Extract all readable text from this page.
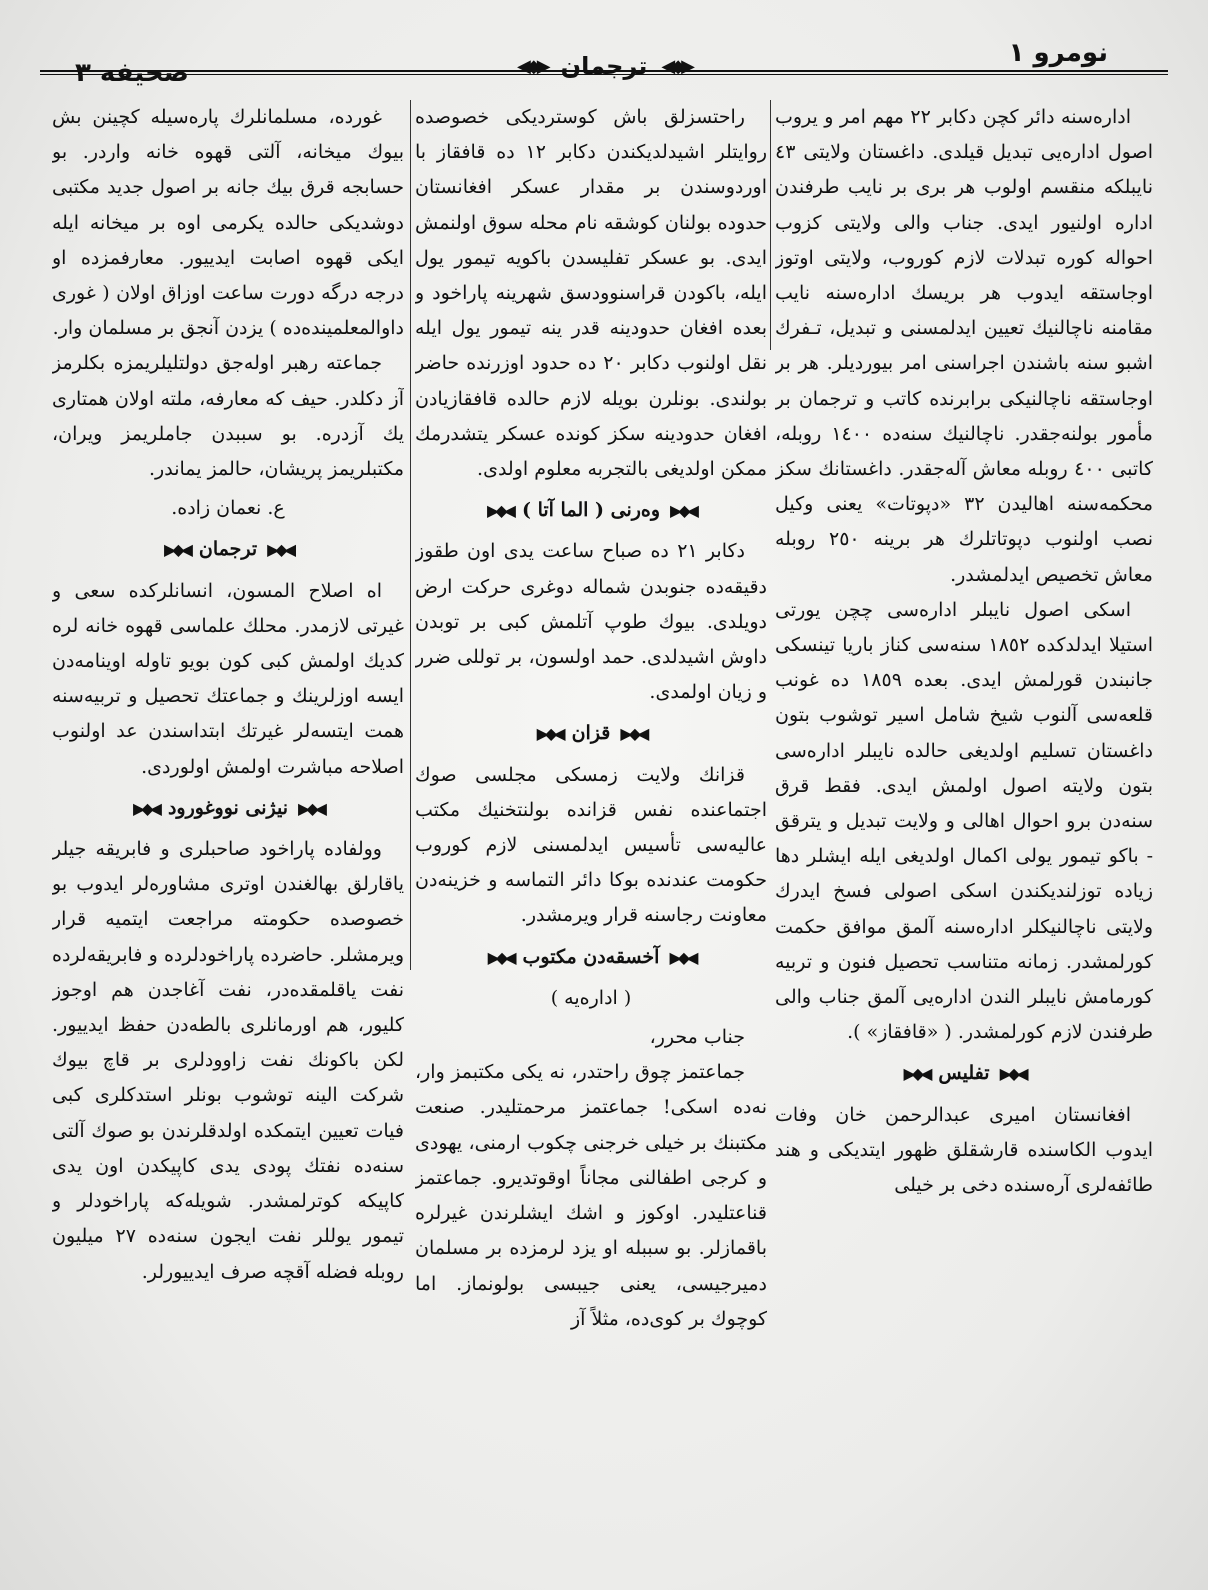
نومرو ١
◀◆▶ ترجمان ◀◆▶
صحيفه ٣

اداره‌سنه دائر كچن دكابر ٢٢ مهم امر و يروب اصول اداره‌یی تبدیل قیلدی. داغستان ولایتی ٤٣ نایبلکه منقسم اولوب هر بری بر نایب طرفندن اداره اولنیور ایدی. جناب والی ولایتی كزوب احواله كوره تبدلات لازم كوروب، ولایتی اوتوز اوجاستقه ایدوب هر بریسك اداره‌سنه نایب مقامنه ناچالنیك تعیین ایدلمسنی و تبدیل، تـفرك اشبو سنه باشندن اجراسنی امر بیوردیلر. هر بر اوجاستقه ناچالنیکی برابرنده كاتب و ترجمان بر مأمور بولنه‌جقدر. ناچالنیك سنه‌ده ١٤٠٠ روبله، كاتبی ٤٠٠ روبله معاش آله‌جقدر. داغستانك سكز محكمه‌سنه اهالیدن ٣٢ «دپوتات» یعنی وكیل نصب اولنوب دپوتاتلرك هر برینه ٢٥٠ روبله معاش تخصیص ایدلمشدر.

اسكی اصول نایبلر اداره‌سی چچن یورتی استیلا ایدلدکده ١٨٥٢ سنه‌سی كناز باریا تینسكی جانبندن قورلمش ایدی. بعده ١٨٥٩ ده غونب قلعه‌سی آلنوب شیخ شامل اسیر توشوب بتون داغستان تسلیم اولدیغی حالده نایبلر اداره‌سی بتون ولایته اصول اولمش ایدی. فقط قرق سنه‌دن برو احوال اهالی و ولایت تبدیل و یترقق - باكو تیمور یولی اكمال اولدیغی ایله ایشلر دها زیاده توزلندیكندن اسكی اصولی فسخ ایدرك ولایتی ناچالنیكلر اداره‌سنه آلمق موافق حكمت كورلمشدر. زمانه متناسب تحصیل فنون و تربیه كورمامش نایبلر الندن اداره‌یی آلمق جناب والی طرفندن لازم كورلمشدر. ( «قافقاز» ).

◀◆▶
تفلیس
◀◆▶

افغانستان امیری عبدالرحمن خان وفات ایدوب الكاسنده قارشقلق ظهور ایتدیكی و هند طائفه‌لری آره‌سنده دخی بر خیلی

راحتسزلق باش كوستردیكی خصوصده روایتلر اشیدلدیكندن دكابر ١٢ ده قافقاز با اوردوسندن بر مقدار عسكر افغانستان حدوده بولنان كوشقه نام محله سوق اولنمش ایدی. بو عسكر تفلیسدن باكویه تیمور یول ایله، باكودن قراسنوودسق شهرینه پاراخود و بعده افغان حدودینه قدر ینه تیمور یول ایله نقل اولنوب دكابر ٢٠ ده حدود اوزرنده حاضر بولندی. بونلرن بویله لازم حالده قافقازیادن افغان حدودینه سكز كونده عسكر یتشدرمك ممكن اولدیغی بالتجربه معلوم اولدی.

◀◆▶
وه‌رنی ( الما آتا )
◀◆▶

دكابر ٢١ ده صباح ساعت یدی اون طقوز دقیقه‌ده جنوبدن شماله دوغری حركت ارض دویلدی. بیوك طوپ آتلمش كبی بر توبدن داوش اشیدلدی. حمد اولسون، بر توللی ضرر و زیان اولمدی.

◀◆▶
قزان
◀◆▶

قزانك ولایت زمسكی مجلسی صوك اجتماعنده نفس قزانده بولنتخنیك مكتب عالیه‌سی تأسیس ایدلمسنی لازم كوروب حكومت عندنده بوكا دائر التماسه و خزینه‌دن معاونت رجاسنه قرار ویرمشدر.

◀◆▶
آخسقه‌دن مكتوب
◀◆▶
( اداره‌یه )

جناب محرر،

جماعتمز چوق راحتدر، نه یكی مكتبمز وار، نه‌ده اسكی! جماعتمز مرحمتلیدر. صنعت مكتبنك بر خیلی خرجنی چكوب ارمنی، یهودی و كرجی اطفالنی مجاناً اوقوتدیرو. جماعتمز قناعتلیدر. اوكوز و اشك ایشلرندن غیرلره باقمازلر. بو سببله او یزد لرمزده بر مسلمان دمیرجیسی، یعنی جیبسی بولونماز. اما كوچوك بر كوی‌ده، مثلاً آز

غورده، مسلمانلرك پاره‌سیله كچینن بش بیوك میخانه، آلتی قهوه خانه واردر. بو حسابجه قرق بیك جانه بر اصول جدید مكتبی دوشدیكی حالده یكرمی اوه بر میخانه ایله ایكی قهوه اصابت ایدییور. معارفمزده او درجه درگه دورت ساعت اوزاق اولان ( غوری داوالمعلمینده‌ده ) یزدن آنجق بر مسلمان وار.

جماعته رهبر اوله‌جق دولتلیلریمزه بكلرمز آز دكلدر. حیف كه معارفه، ملته اولان همتاری یك آزدره. بو سببدن جاملریمز ویران، مكتبلریمز پریشان، حالمز یماندر.

ع. نعمان زاده.
◀◆▶
ترجمان
◀◆▶

اه اصلاح المسون، انسانلرکده سعی و غیرتی لازمدر. محلك علماسی قهوه خانه لره كدیك اولمش كبی كون بویو تاوله اوینامه‌دن ایسه اوزلرینك و جماعتك تحصیل و تربیه‌سنه همت ایتسه‌لر غیرتك ابتداسندن عد اولنوب اصلاحه مباشرت اولمش اولوردی.

◀◆▶
نیژنی نووغورود
◀◆▶

وولفاده پاراخود صاحبلری و فابریقه جیلر یاقارلق بهالغندن اوتری مشاوره‌لر ایدوب بو خصوصده حكومته مراجعت ایتمیه قرار ویرمشلر. حاضرده پاراخودلرده و فابریقه‌لرده نفت یاقلمقده‌در، نفت آغاجدن هم اوجوز كلیور، هم اورمانلری بالطه‌دن حفظ ایدییور. لكن باكونك نفت زاوودلری بر قاچ بیوك شركت الینه توشوب بونلر استدكلری كبی فیات تعیین ایتمكده اولدقلرندن بو صوك آلتی سنه‌ده نفتك پودی یدی كاپیكدن اون یدی كاپیكه كوترلمشدر. شویله‌كه پاراخودلر و تیمور یوللر نفت ایجون سنه‌ده ٢٧ میلیون روبله فضله آقچه صرف ایدییورلر.
